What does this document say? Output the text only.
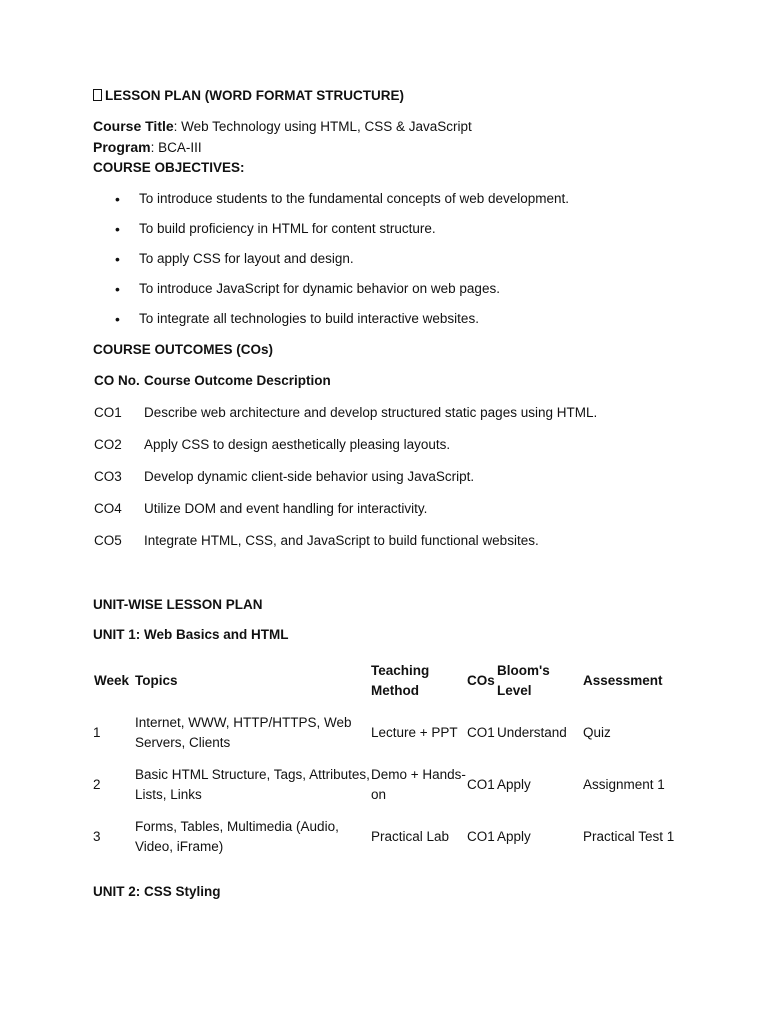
LESSON PLAN (WORD FORMAT STRUCTURE)
Course Title: Web Technology using HTML, CSS & JavaScript
Program: BCA-III
COURSE OBJECTIVES:
• To introduce students to the fundamental concepts of web development.
• To build proficiency in HTML for content structure.
• To apply CSS for layout and design.
• To introduce JavaScript for dynamic behavior on web pages.
• To integrate all technologies to build interactive websites.
COURSE OUTCOMES (COs)
CO No.	Course Outcome Description
CO1	Describe web architecture and develop structured static pages using HTML.
CO2	Apply CSS to design aesthetically pleasing layouts.
CO3	Develop dynamic client-side behavior using JavaScript.
CO4	Utilize DOM and event handling for interactivity.
CO5	Integrate HTML, CSS, and JavaScript to build functional websites.
UNIT-WISE LESSON PLAN
UNIT 1: Web Basics and HTML
Week	Topics	Teaching Method	COs	Bloom's Level	Assessment
1	Internet, WWW, HTTP/HTTPS, Web Servers, Clients	Lecture + PPT	CO1	Understand	Quiz
2	Basic HTML Structure, Tags, Attributes, Lists, Links	Demo + Hands-on	CO1	Apply	Assignment 1
3	Forms, Tables, Multimedia (Audio, Video, iFrame)	Practical Lab	CO1	Apply	Practical Test 1
UNIT 2: CSS Styling
